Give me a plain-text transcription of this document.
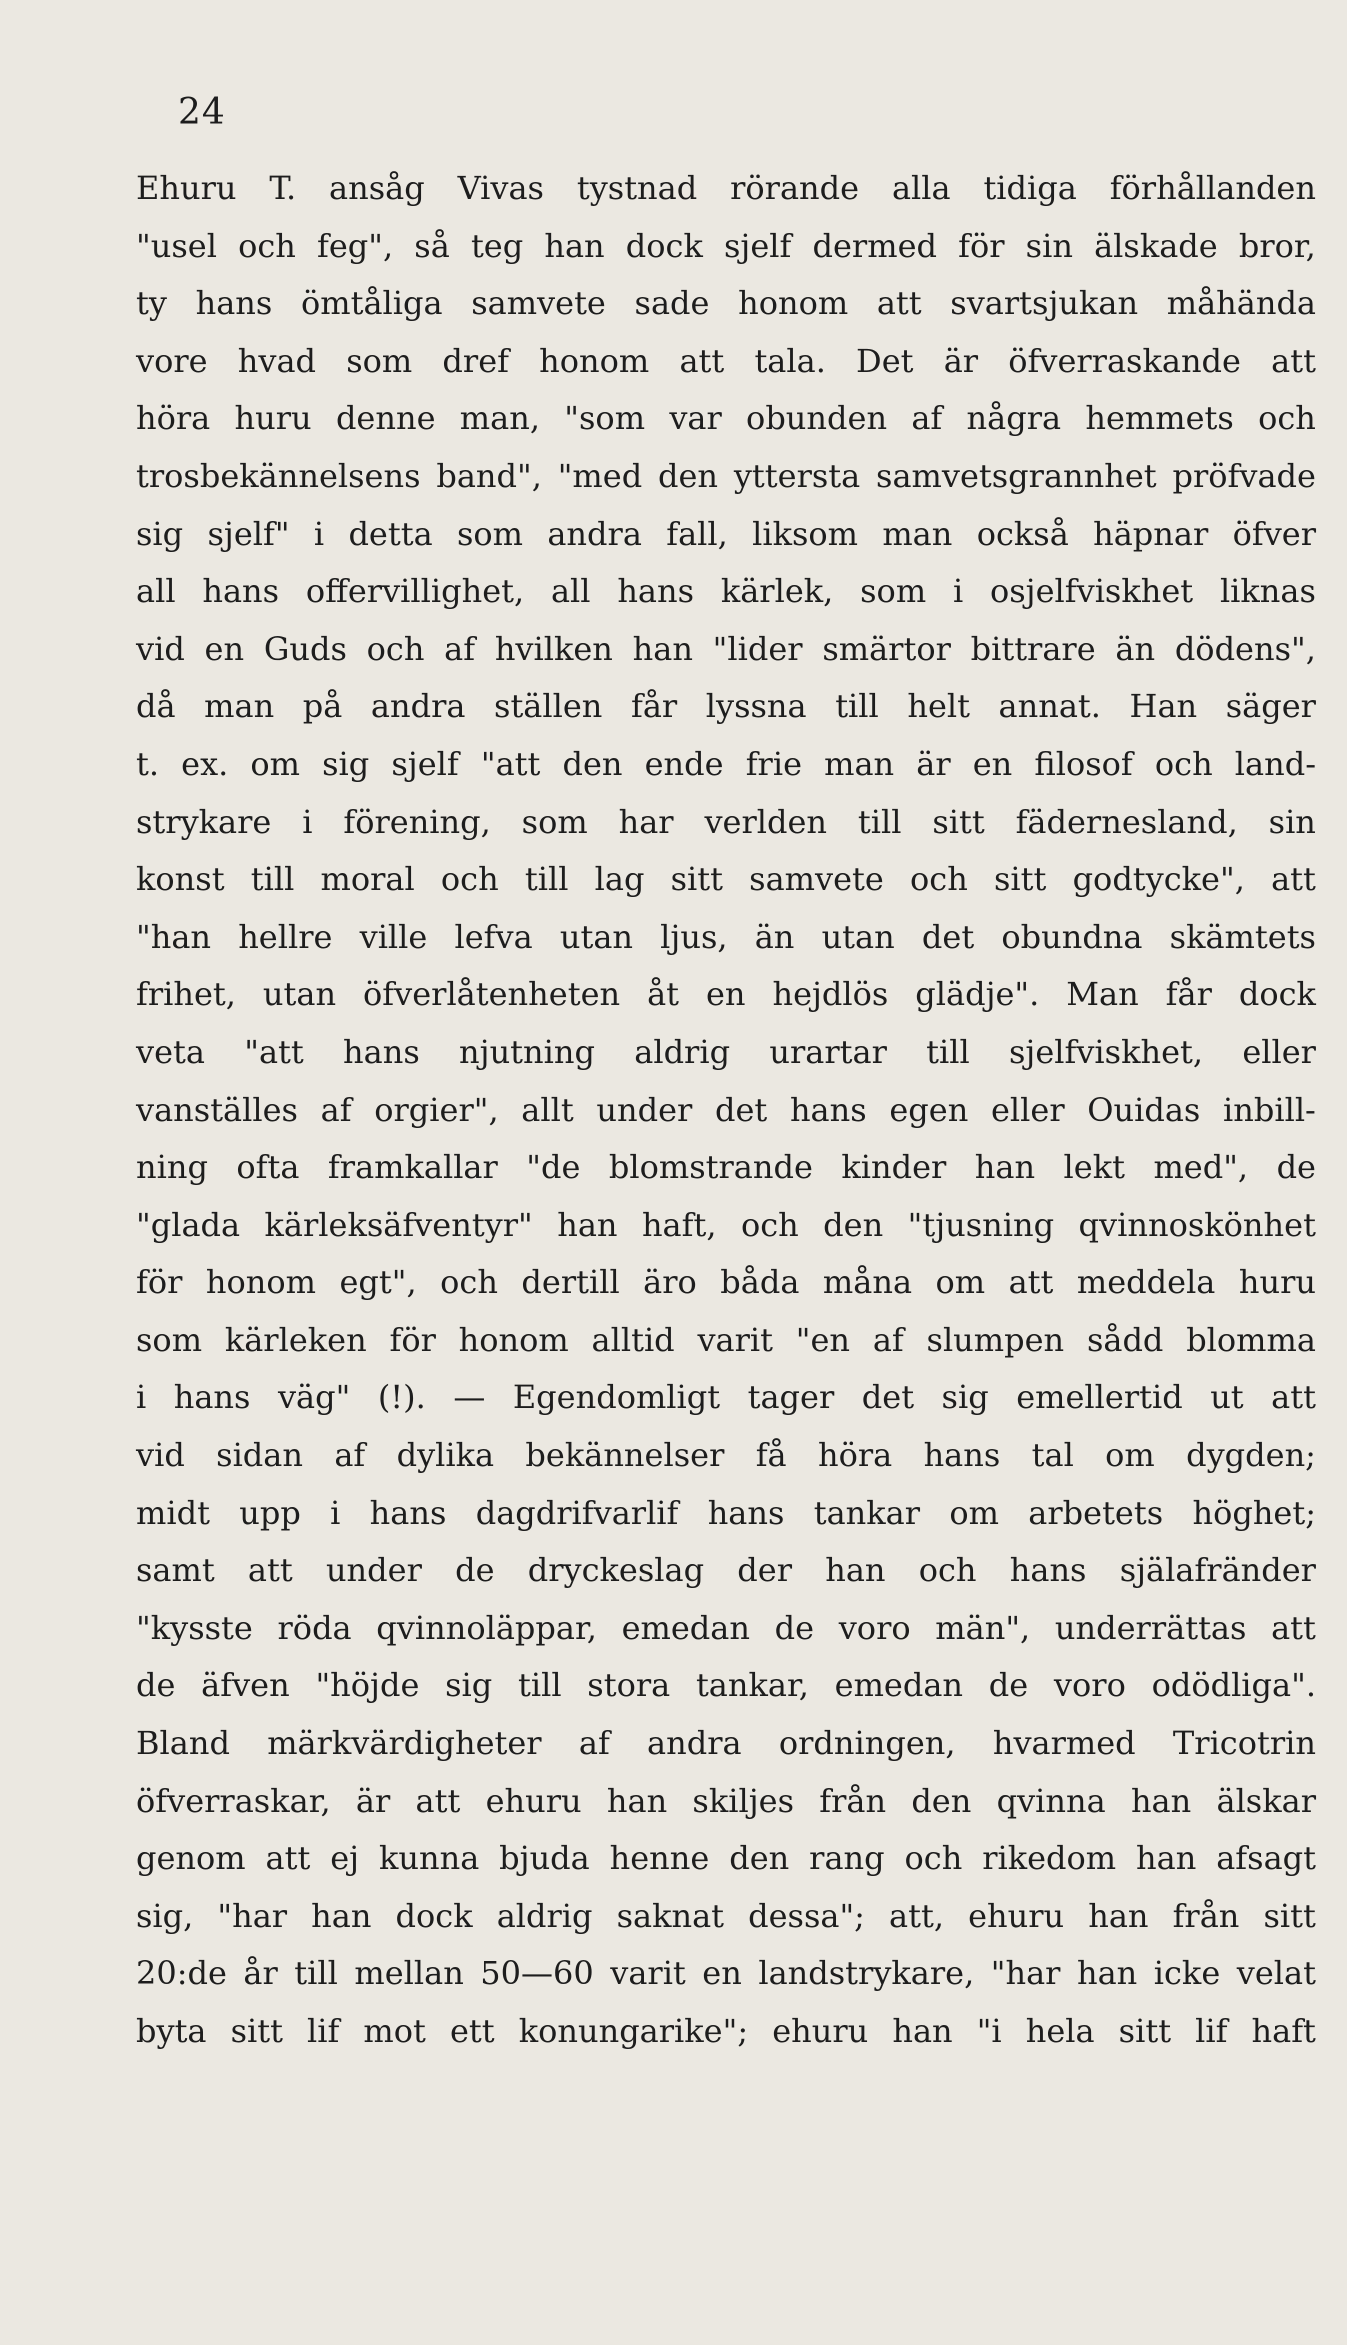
24
Ehuru T. ansåg Vivas tystnad rörande alla tidiga förhållanden
"usel och feg", så teg han dock sjelf dermed för sin älskade bror,
ty hans ömtåliga samvete sade honom att svartsjukan måhända
vore hvad som dref honom att tala. Det är öfverraskande att
höra huru denne man, "som var obunden af några hemmets och
trosbekännelsens band", "med den yttersta samvetsgrannhet pröfvade
sig sjelf" i detta som andra fall, liksom man också häpnar öfver
all hans offervillighet, all hans kärlek, som i osjelfviskhet liknas
vid en Guds och af hvilken han "lider smärtor bittrare än dödens",
då man på andra ställen får lyssna till helt annat. Han säger
t. ex. om sig sjelf "att den ende frie man är en filosof och land-
strykare i förening, som har verlden till sitt fädernesland, sin
konst till moral och till lag sitt samvete och sitt godtycke", att
"han hellre ville lefva utan ljus, än utan det obundna skämtets
frihet, utan öfverlåtenheten åt en hejdlös glädje". Man får dock
veta "att hans njutning aldrig urartar till sjelfviskhet, eller
vanställes af orgier", allt under det hans egen eller Ouidas inbill-
ning ofta framkallar "de blomstrande kinder han lekt med", de
"glada kärleksäfventyr" han haft, och den "tjusning qvinnoskönhet
för honom egt", och dertill äro båda måna om att meddela huru
som kärleken för honom alltid varit "en af slumpen sådd blomma
i hans väg" (!). — Egendomligt tager det sig emellertid ut att
vid sidan af dylika bekännelser få höra hans tal om dygden;
midt upp i hans dagdrifvarlif hans tankar om arbetets höghet;
samt att under de dryckeslag der han och hans själafränder
"kysste röda qvinnoläppar, emedan de voro män", underrättas att
de äfven "höjde sig till stora tankar, emedan de voro odödliga".
Bland märkvärdigheter af andra ordningen, hvarmed Tricotrin
öfverraskar, är att ehuru han skiljes från den qvinna han älskar
genom att ej kunna bjuda henne den rang och rikedom han afsagt
sig, "har han dock aldrig saknat dessa"; att, ehuru han från sitt
20:de år till mellan 50—60 varit en landstrykare, "har han icke velat
byta sitt lif mot ett konungarike"; ehuru han "i hela sitt lif haft
